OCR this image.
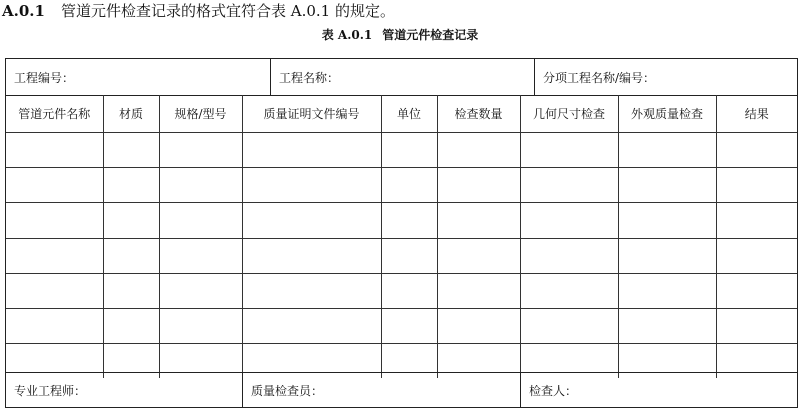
A.0.1 管道元件检查记录的格式宜符合表 A.0.1 的规定。
表 A.0.1 管道元件检查记录
工程编号：	工程名称：	分项工程名称/编号：
管道元件名称	材质	规格/型号	质量证明文件编号	单位	检查数量	几何尺寸检查	外观质量检查	结果

专业工程师：	质量检查员：	检查人：
